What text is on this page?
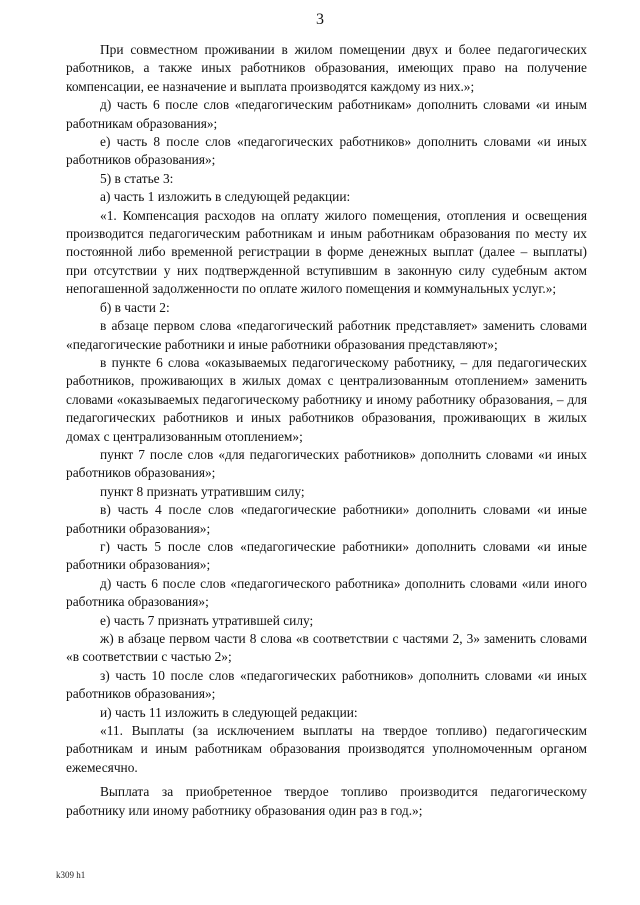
3

При совместном проживании в жилом помещении двух и более педагогических работников, а также иных работников образования, имеющих право на получение компенсации, ее назначение и выплата производятся каждому из них.»;

д) часть 6 после слов «педагогическим работникам» дополнить словами «и иным работникам образования»;

е) часть 8 после слов «педагогических работников» дополнить словами «и иных работников образования»;

5) в статье 3:

а) часть 1 изложить в следующей редакции:

«1. Компенсация расходов на оплату жилого помещения, отопления и освещения производится педагогическим работникам и иным работникам образования по месту их постоянной либо временной регистрации в форме денежных выплат (далее – выплаты) при отсутствии у них подтвержденной вступившим в законную силу судебным актом непогашенной задолженности по оплате жилого помещения и коммунальных услуг.»;

б) в части 2:

в абзаце первом слова «педагогический работник представляет» заменить словами «педагогические работники и иные работники образования представляют»;

в пункте 6 слова «оказываемых педагогическому работнику, – для педагогических работников, проживающих в жилых домах с централизованным отоплением» заменить словами «оказываемых педагогическому работнику и иному работнику образования, – для педагогических работников и иных работников образования, проживающих в жилых домах с централизованным отоплением»;

пункт 7 после слов «для педагогических работников» дополнить словами «и иных работников образования»;

пункт 8 признать утратившим силу;

в) часть 4 после слов «педагогические работники» дополнить словами «и иные работники образования»;

г) часть 5 после слов «педагогические работники» дополнить словами «и иные работники образования»;

д) часть 6 после слов «педагогического работника» дополнить словами «или иного работника образования»;

е) часть 7 признать утратившей силу;

ж) в абзаце первом части 8 слова «в соответствии с частями 2, 3» заменить словами «в соответствии с частью 2»;

з) часть 10 после слов «педагогических работников» дополнить словами «и иных работников образования»;

и) часть 11 изложить в следующей редакции:

«11. Выплаты (за исключением выплаты на твердое топливо) педагогическим работникам и иным работникам образования производятся уполномоченным органом ежемесячно.

Выплата за приобретенное твердое топливо производится педагогическому работнику или иному работнику образования один раз в год.»;

k309 h1
